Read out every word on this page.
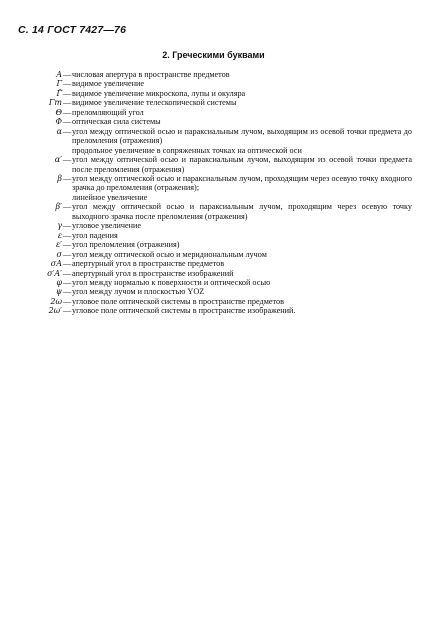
С. 14 ГОСТ 7427—76
2. Греческими буквами
A — числовая апертура в пространстве предметов
Γ — видимое увеличение
Γ̄ — видимое увеличение микроскопа, лупы и окуляра
Γт — видимое увеличение телескопической системы
Θ — преломляющий угол
Φ — оптическая сила системы
α — угол между оптической осью и параксиальным лучом, выходящим из осевой точки предмета до преломления (отражения)
продольное увеличение в сопряженных точках на оптической оси
α′ — угол между оптической осью и параксиальным лучом, выходящим из осевой точки предмета после преломления (отражения)
β — угол между оптической осью и параксиальным лучом, проходящим через осевую точку входного зрачка до преломления (отражения);
линейное увеличение
β′ — угол между оптической осью и параксиальным лучом, проходящим через осевую точку выходного зрачка после преломления (отражения)
γ — угловое увеличение
ε — угол падения
ε′ — угол преломления (отражения)
σ — угол между оптической осью и меридиональным лучом
σA — апертурный угол в пространстве предметов
σ′A′ — апертурный угол в пространстве изображений
φ — угол между нормалью к поверхности и оптической осью
ψ — угол между лучом и плоскостью YOZ
2ω — угловое поле оптической системы в пространстве предметов
2ω′ — угловое поле оптической системы в пространстве изображений.
